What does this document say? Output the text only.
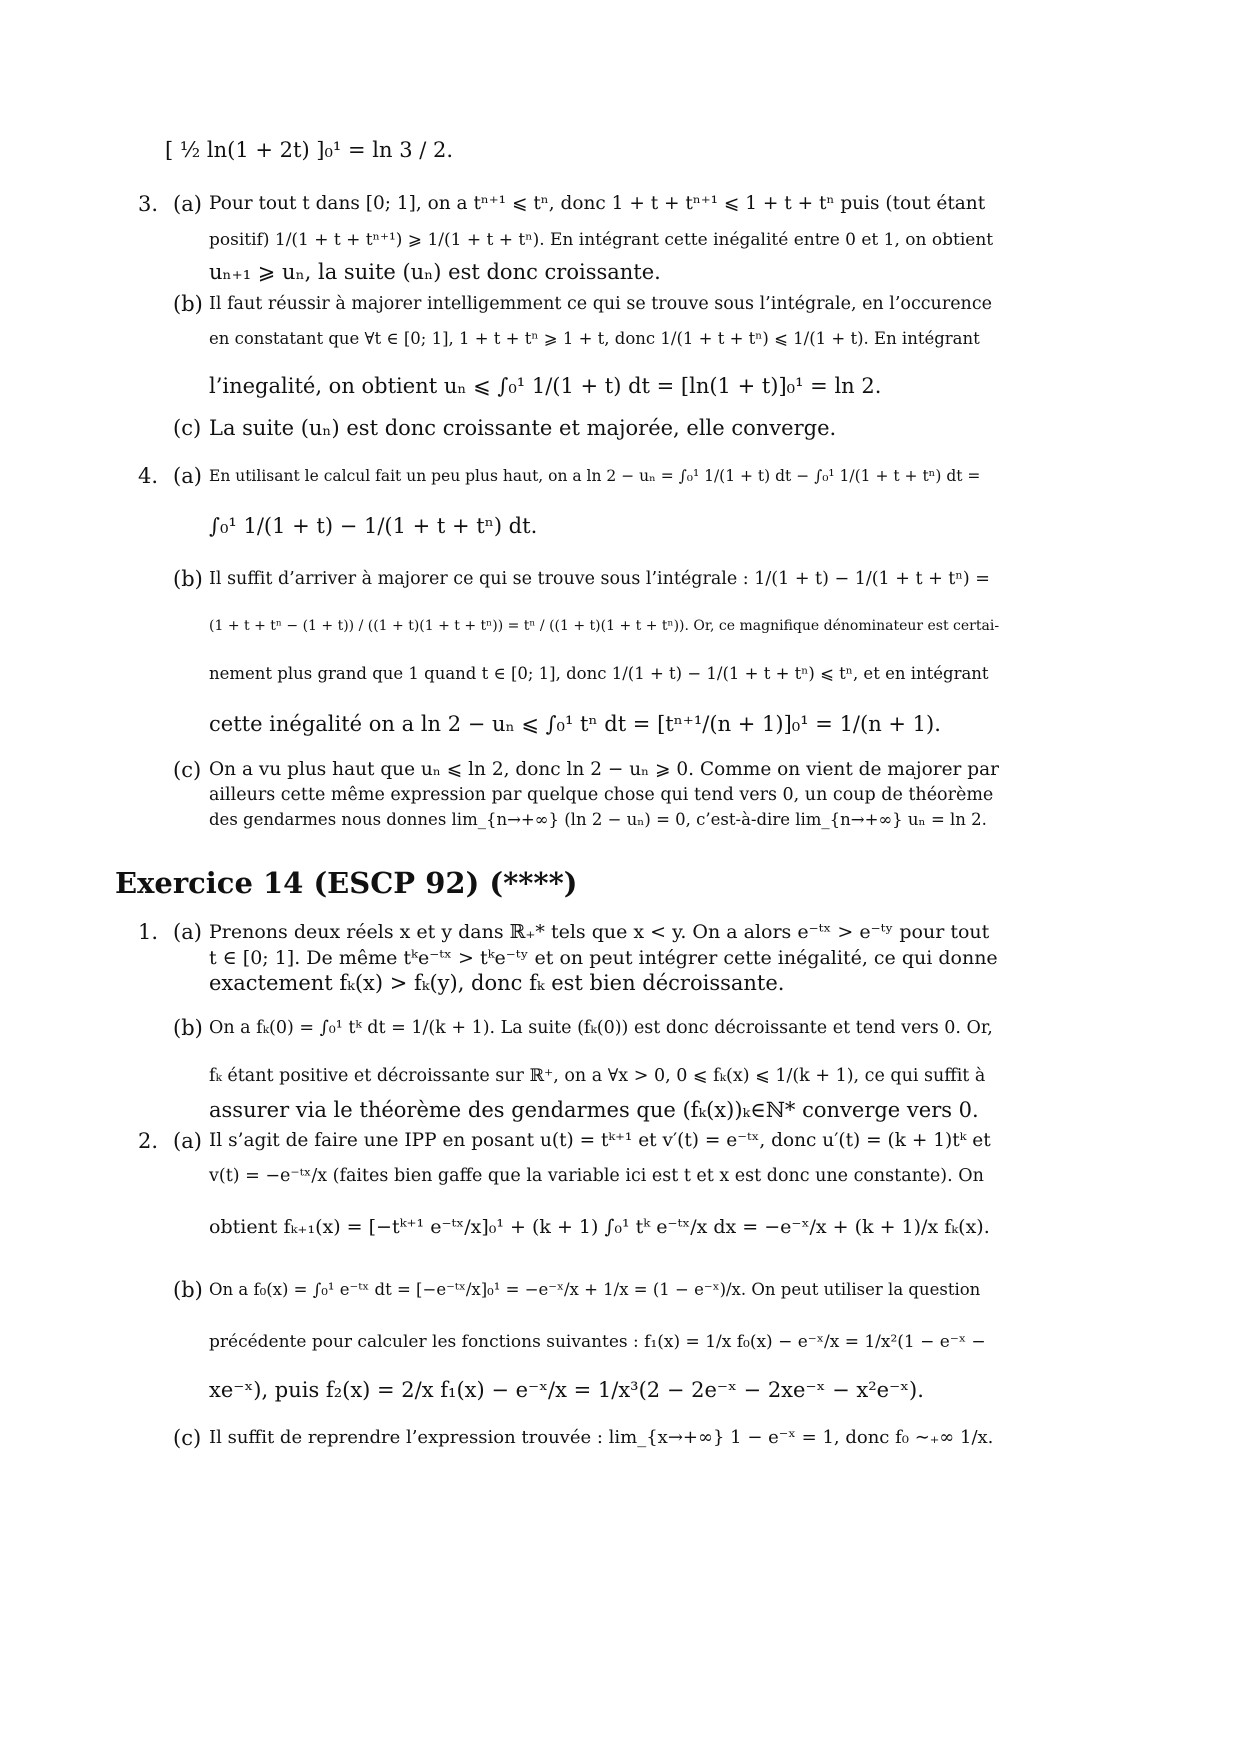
[ ½ ln(1 + 2t) ]₀¹ = ln 3 / 2.
3. (a) Pour tout t dans [0; 1], on a tⁿ⁺¹ ⩽ tⁿ, donc 1 + t + tⁿ⁺¹ ⩽ 1 + t + tⁿ puis (tout étant
positif) 1/(1 + t + tⁿ⁺¹) ⩾ 1/(1 + t + tⁿ). En intégrant cette inégalité entre 0 et 1, on obtient
uₙ₊₁ ⩾ uₙ, la suite (uₙ) est donc croissante.
(b) Il faut réussir à majorer intelligemment ce qui se trouve sous l’intégrale, en l’occurence
en constatant que ∀t ∈ [0; 1], 1 + t + tⁿ ⩾ 1 + t, donc 1/(1 + t + tⁿ) ⩽ 1/(1 + t). En intégrant
l’inegalité, on obtient uₙ ⩽ ∫₀¹ 1/(1 + t) dt = [ln(1 + t)]₀¹ = ln 2.
(c) La suite (uₙ) est donc croissante et majorée, elle converge.
4. (a) En utilisant le calcul fait un peu plus haut, on a ln 2 − uₙ = ∫₀¹ 1/(1 + t) dt − ∫₀¹ 1/(1 + t + tⁿ) dt =
∫₀¹ 1/(1 + t) − 1/(1 + t + tⁿ) dt.
(b) Il suffit d’arriver à majorer ce qui se trouve sous l’intégrale : 1/(1 + t) − 1/(1 + t + tⁿ) =
(1 + t + tⁿ − (1 + t)) / ((1 + t)(1 + t + tⁿ)) = tⁿ / ((1 + t)(1 + t + tⁿ)). Or, ce magnifique dénominateur est certai-
nement plus grand que 1 quand t ∈ [0; 1], donc 1/(1 + t) − 1/(1 + t + tⁿ) ⩽ tⁿ, et en intégrant
cette inégalité on a ln 2 − uₙ ⩽ ∫₀¹ tⁿ dt = [tⁿ⁺¹/(n + 1)]₀¹ = 1/(n + 1).
(c) On a vu plus haut que uₙ ⩽ ln 2, donc ln 2 − uₙ ⩾ 0. Comme on vient de majorer par
ailleurs cette même expression par quelque chose qui tend vers 0, un coup de théorème
des gendarmes nous donnes lim_{n→+∞} (ln 2 − uₙ) = 0, c’est-à-dire lim_{n→+∞} uₙ = ln 2.
Exercice 14 (ESCP 92) (****)
1. (a) Prenons deux réels x et y dans ℝ₊* tels que x < y. On a alors e⁻ᵗˣ > e⁻ᵗʸ pour tout
t ∈ [0; 1]. De même tᵏe⁻ᵗˣ > tᵏe⁻ᵗʸ et on peut intégrer cette inégalité, ce qui donne
exactement fₖ(x) > fₖ(y), donc fₖ est bien décroissante.
(b) On a fₖ(0) = ∫₀¹ tᵏ dt = 1/(k + 1). La suite (fₖ(0)) est donc décroissante et tend vers 0. Or,
fₖ étant positive et décroissante sur ℝ⁺, on a ∀x > 0, 0 ⩽ fₖ(x) ⩽ 1/(k + 1), ce qui suffit à
assurer via le théorème des gendarmes que (fₖ(x))ₖ∈ℕ* converge vers 0.
2. (a) Il s’agit de faire une IPP en posant u(t) = tᵏ⁺¹ et v′(t) = e⁻ᵗˣ, donc u′(t) = (k + 1)tᵏ et
v(t) = −e⁻ᵗˣ/x (faites bien gaffe que la variable ici est t et x est donc une constante). On
obtient fₖ₊₁(x) = [−tᵏ⁺¹ e⁻ᵗˣ/x]₀¹ + (k + 1) ∫₀¹ tᵏ e⁻ᵗˣ/x dx = −e⁻ˣ/x + (k + 1)/x fₖ(x).
(b) On a f₀(x) = ∫₀¹ e⁻ᵗˣ dt = [−e⁻ᵗˣ/x]₀¹ = −e⁻ˣ/x + 1/x = (1 − e⁻ˣ)/x. On peut utiliser la question
précédente pour calculer les fonctions suivantes : f₁(x) = 1/x f₀(x) − e⁻ˣ/x = 1/x²(1 − e⁻ˣ −
xe⁻ˣ), puis f₂(x) = 2/x f₁(x) − e⁻ˣ/x = 1/x³(2 − 2e⁻ˣ − 2xe⁻ˣ − x²e⁻ˣ).
(c) Il suffit de reprendre l’expression trouvée : lim_{x→+∞} 1 − e⁻ˣ = 1, donc f₀ ∼₊∞ 1/x.
